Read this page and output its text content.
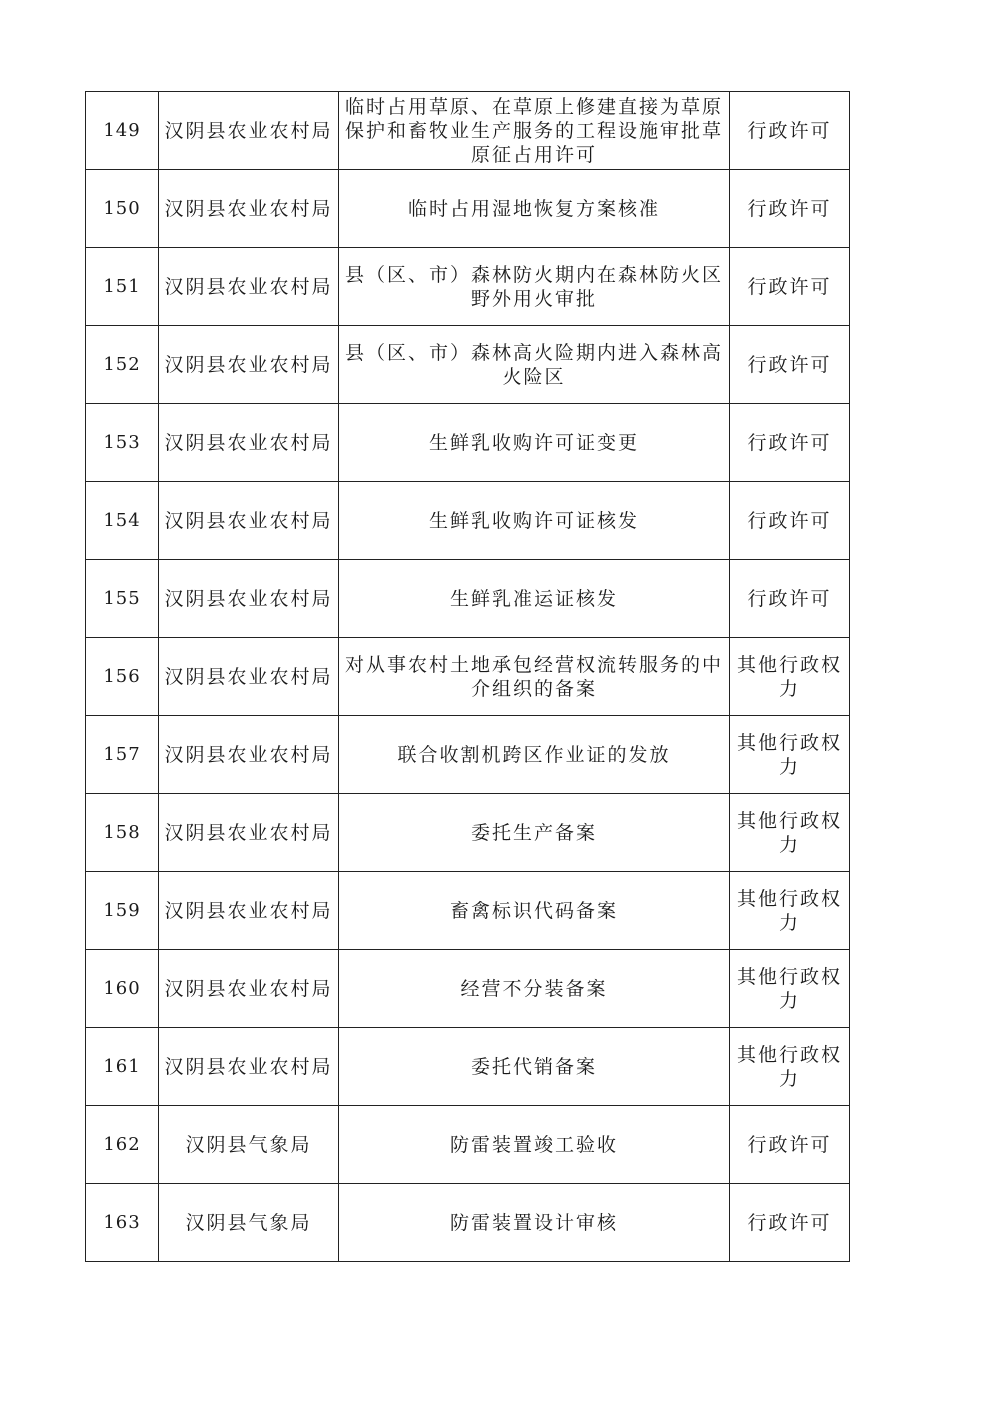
149	汉阴县农业农村局	临时占用草原、在草原上修建直接为草原保护和畜牧业生产服务的工程设施审批草原征占用许可	行政许可
150	汉阴县农业农村局	临时占用湿地恢复方案核准	行政许可
151	汉阴县农业农村局	县（区、市）森林防火期内在森林防火区野外用火审批	行政许可
152	汉阴县农业农村局	县（区、市）森林高火险期内进入森林高火险区	行政许可
153	汉阴县农业农村局	生鲜乳收购许可证变更	行政许可
154	汉阴县农业农村局	生鲜乳收购许可证核发	行政许可
155	汉阴县农业农村局	生鲜乳准运证核发	行政许可
156	汉阴县农业农村局	对从事农村土地承包经营权流转服务的中介组织的备案	其他行政权力
157	汉阴县农业农村局	联合收割机跨区作业证的发放	其他行政权力
158	汉阴县农业农村局	委托生产备案	其他行政权力
159	汉阴县农业农村局	畜禽标识代码备案	其他行政权力
160	汉阴县农业农村局	经营不分装备案	其他行政权力
161	汉阴县农业农村局	委托代销备案	其他行政权力
162	汉阴县气象局	防雷装置竣工验收	行政许可
163	汉阴县气象局	防雷装置设计审核	行政许可
